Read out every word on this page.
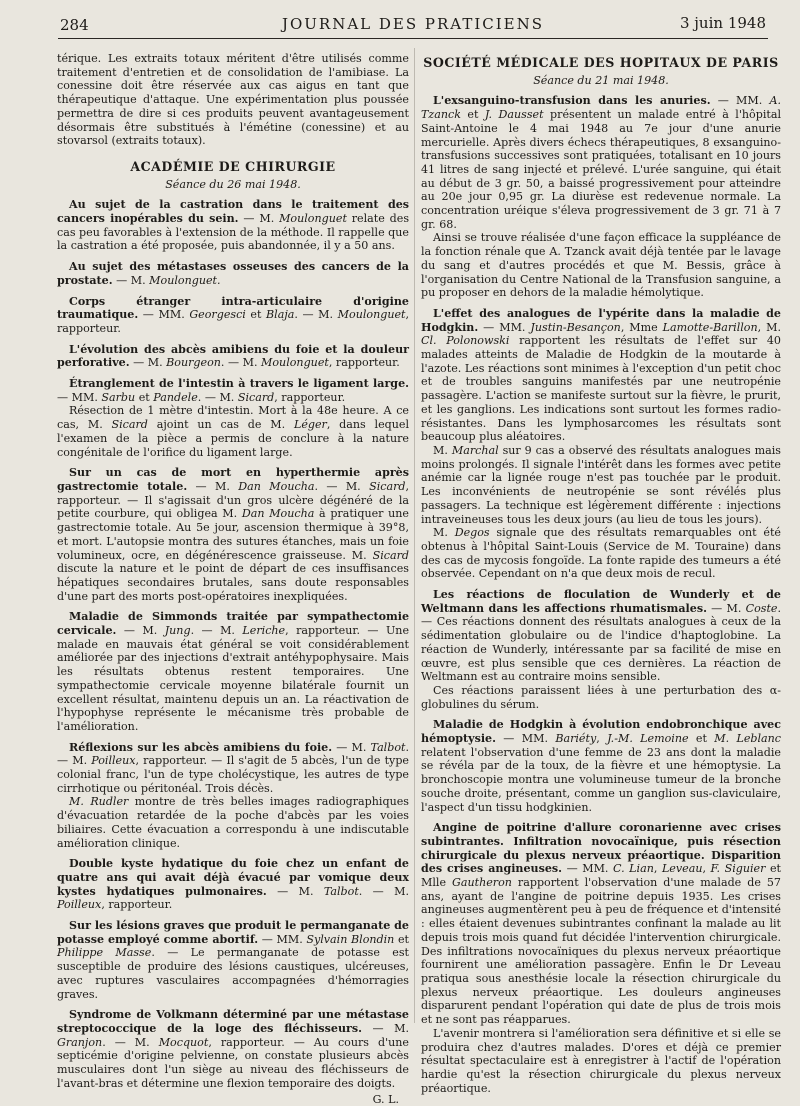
284	JOURNAL DES PRATICIENS	3 juin 1948

térique. Les extraits totaux méritent d'être utilisés comme traitement d'entretien et de consolidation de l'amibiase. La conessine doit être réservée aux cas aigus en tant que thérapeutique d'attaque. Une expérimentation plus poussée permettra de dire si ces produits peuvent avantageusement désormais être substitués à l'émétine (conessine) et au stovarsol (extraits totaux).

ACADÉMIE DE CHIRURGIE
Séance du 26 mai 1948.
Au sujet de la castration dans le traitement des cancers inopérables du sein. — M. Moulonguet relate des cas peu favorables à l'extension de la méthode. Il rappelle que la castration a été proposée, puis abandonnée, il y a 50 ans.
Au sujet des métastases osseuses des cancers de la prostate. — M. Moulonguet.
Corps étranger intra-articulaire d'origine traumatique. — MM. Georgesci et Blaja. — M. Moulonguet, rapporteur.
L'évolution des abcès amibiens du foie et la douleur perforative. — M. Bourgeon. — M. Moulonguet, rapporteur.
Étranglement de l'intestin à travers le ligament large. — MM. Sarbu et Pandele. — M. Sicard, rapporteur.

Résection de 1 mètre d'intestin. Mort à la 48e heure. A ce cas, M. Sicard ajoint un cas de M. Léger, dans lequel l'examen de la pièce a permis de conclure à la nature congénitale de l'orifice du ligament large.

Sur un cas de mort en hyperthermie après gastrectomie totale. — M. Dan Moucha. — M. Sicard, rapporteur. — Il s'agissait d'un gros ulcère dégénéré de la petite courbure, qui obligea M. Dan Moucha à pratiquer une gastrectomie totale. Au 5e jour, ascension thermique à 39°8, et mort. L'autopsie montra des sutures étanches, mais un foie volumineux, ocre, en dégénérescence graisseuse. M. Sicard discute la nature et le point de départ de ces insuffisances hépatiques secondaires brutales, sans doute responsables d'une part des morts post-opératoires inexpliquées.
Maladie de Simmonds traitée par sympathectomie cervicale. — M. Jung. — M. Leriche, rapporteur. — Une malade en mauvais état général se voit considérablement améliorée par des injections d'extrait antéhypophysaire. Mais les résultats obtenus restent temporaires. Une sympathectomie cervicale moyenne bilatérale fournit un excellent résultat, maintenu depuis un an. La réactivation de l'hypophyse représente le mécanisme très probable de l'amélioration.
Réflexions sur les abcès amibiens du foie. — M. Talbot. — M. Poilleux, rapporteur. — Il s'agit de 5 abcès, l'un de type colonial franc, l'un de type cholécystique, les autres de type cirrhotique ou péritonéal. Trois décès.

M. Rudler montre de très belles images radiographiques d'évacuation retardée de la poche d'abcès par les voies biliaires. Cette évacuation a correspondu à une indiscutable amélioration clinique.

Double kyste hydatique du foie chez un enfant de quatre ans qui avait déjà évacué par vomique deux kystes hydatiques pulmonaires. — M. Talbot. — M. Poilleux, rapporteur.
Sur les lésions graves que produit le permanganate de potasse employé comme abortif. — MM. Sylvain Blondin et Philippe Masse. — Le permanganate de potasse est susceptible de produire des lésions caustiques, ulcéreuses, avec ruptures vasculaires accompagnées d'hémorragies graves.
Syndrome de Volkmann déterminé par une métastase streptococcique de la loge des fléchisseurs. — M. Granjon. — M. Mocquot, rapporteur. — Au cours d'une septicémie d'origine pelvienne, on constate plusieurs abcès musculaires dont l'un siège au niveau des fléchisseurs de l'avant-bras et détermine une flexion temporaire des doigts.
G. L.
SOCIÉTÉ MÉDICALE DES HOPITAUX DE PARIS
Séance du 21 mai 1948.
L'exsanguino-transfusion dans les anuries. — MM. A. Tzanck et J. Dausset présentent un malade entré à l'hôpital Saint-Antoine le 4 mai 1948 au 7e jour d'une anurie mercurielle. Après divers échecs thérapeutiques, 8 exsanguino-transfusions successives sont pratiquées, totalisant en 10 jours 41 litres de sang injecté et prélevé. L'urée sanguine, qui était au début de 3 gr. 50, a baissé progressivement pour atteindre au 20e jour 0,95 gr. La diurèse est redevenue normale. La concentration uréique s'éleva progressivement de 3 gr. 71 à 7 gr. 68.

Ainsi se trouve réalisée d'une façon efficace la suppléance de la fonction rénale que A. Tzanck avait déjà tentée par le lavage du sang et d'autres procédés et que M. Bessis, grâce à l'organisation du Centre National de la Transfusion sanguine, a pu proposer en dehors de la maladie hémolytique.

L'effet des analogues de l'ypérite dans la maladie de Hodgkin. — MM. Justin-Besançon, Mme Lamotte-Barillon, M. Cl. Polonowski rapportent les résultats de l'effet sur 40 malades atteints de Maladie de Hodgkin de la moutarde à l'azote. Les réactions sont minimes à l'exception d'un petit choc et de troubles sanguins manifestés par une neutropénie passagère. L'action se manifeste surtout sur la fièvre, le prurit, et les ganglions. Les indications sont surtout les formes radio-résistantes. Dans les lymphosarcomes les résultats sont beaucoup plus aléatoires.

M. Marchal sur 9 cas a observé des résultats analogues mais moins prolongés. Il signale l'intérêt dans les formes avec petite anémie car la lignée rouge n'est pas touchée par le produit. Les inconvénients de neutropénie se sont révélés plus passagers. La technique est légèrement différente : injections intraveineuses tous les deux jours (au lieu de tous les jours).

M. Degos signale que des résultats remarquables ont été obtenus à l'hôpital Saint-Louis (Service de M. Touraine) dans des cas de mycosis fongoïde. La fonte rapide des tumeurs a été observée. Cependant on n'a que deux mois de recul.

Les réactions de floculation de Wunderly et de Weltmann dans les affections rhumatismales. — M. Coste. — Ces réactions donnent des résultats analogues à ceux de la sédimentation globulaire ou de l'indice d'haptoglobine. La réaction de Wunderly, intéressante par sa facilité de mise en œuvre, est plus sensible que ces dernières. La réaction de Weltmann est au contraire moins sensible.

Ces réactions paraissent liées à une perturbation des α-globulines du sérum.

Maladie de Hodgkin à évolution endobronchique avec hémoptysie. — MM. Bariéty, J.-M. Lemoine et M. Leblanc relatent l'observation d'une femme de 23 ans dont la maladie se révéla par de la toux, de la fièvre et une hémoptysie. La bronchoscopie montra une volumineuse tumeur de la bronche souche droite, présentant, comme un ganglion sus-claviculaire, l'aspect d'un tissu hodgkinien.
Angine de poitrine d'allure coronarienne avec crises subintrantes. Infiltration novocaïnique, puis résection chirurgicale du plexus nerveux préaortique. Disparition des crises angineuses. — MM. C. Lian, Leveau, F. Siguier et Mlle Gautheron rapportent l'observation d'une malade de 57 ans, ayant de l'angine de poitrine depuis 1935. Les crises angineuses augmentèrent peu à peu de fréquence et d'intensité : elles étaient devenues subintrantes confinant la malade au lit depuis trois mois quand fut décidée l'intervention chirurgicale. Des infiltrations novocaïniques du plexus nerveux préaortique fournirent une amélioration passagère. Enfin le Dr Leveau pratiqua sous anesthésie locale la résection chirurgicale du plexus nerveux préaortique. Les douleurs angineuses disparurent pendant l'opération qui date de plus de trois mois et ne sont pas réapparues.

L'avenir montrera si l'amélioration sera définitive et si elle se produira chez d'autres malades. D'ores et déjà ce premier résultat spectaculaire est à enregistrer à l'actif de l'opération hardie qu'est la résection chirurgicale du plexus nerveux préaortique.
